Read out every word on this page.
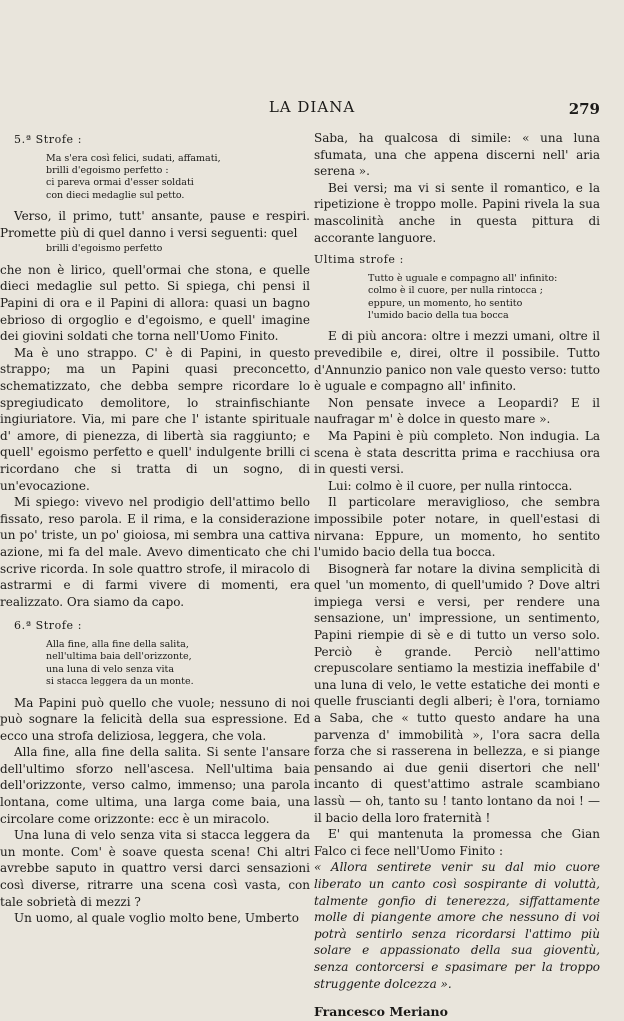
LA DIANA	279

5.ª Strofe :

Ma s'era così felici, sudati, affamati,
brilli d'egoismo perfetto :
ci pareva ormai d'esser soldati
con dieci medaglie sul petto.

Verso, il primo, tutt' ansante, pause e respiri. Promette più di quel danno i versi seguenti: quel

brilli d'egoismo perfetto

che non è lirico, quell'ormai che stona, e quelle dieci medaglie sul petto. Si spiega, chi pensi il Papini di ora e il Papini di allora: quasi un bagno ebrioso di orgoglio e d'egoismo, e quell' imagine dei giovini soldati che torna nell'Uomo Finito.

Ma è uno strappo. C' è di Papini, in questo strappo; ma un Papini quasi preconcetto, schematizzato, che debba sempre ricordare lo spregiudicato demolitore, lo strainfischiante ingiuriatore. Via, mi pare che l' istante spirituale d' amore, di pienezza, di libertà sia raggiunto; e quell' egoismo perfetto e quell' indulgente brilli ci ricordano che si tratta di un sogno, di un'evocazione.

Mi spiego: vivevo nel prodigio dell'attimo bello fissato, reso parola. E il rima, e la considerazione un po' triste, un po' gioiosa, mi sembra una cattiva azione, mi fa del male. Avevo dimenticato che chi scrive ricorda. In sole quattro strofe, il miracolo di astrarmi e di farmi vivere di momenti, era realizzato. Ora siamo da capo.

6.ª Strofe :

Alla fine, alla fine della salita,
nell'ultima baia dell'orizzonte,
una luna di velo senza vita
si stacca leggera da un monte.

Ma Papini può quello che vuole; nessuno di noi può sognare la felicità della sua espressione. Ed ecco una strofa deliziosa, leggera, che vola.

Alla fine, alla fine della salita. Si sente l'ansare dell'ultimo sforzo nell'ascesa. Nell'ultima baia dell'orizzonte, verso calmo, immenso; una parola lontana, come ultima, una larga come baia, una circolare come orizzonte: ecc è un miracolo.

Una luna di velo senza vita si stacca leggera da un monte. Com' è soave questa scena! Chi altri avrebbe saputo in quattro versi darci sensazioni così diverse, ritrarre una scena così vasta, con tale sobrietà di mezzi ?

Un uomo, al quale voglio molto bene, Umberto

Saba, ha qualcosa di simile: « una luna sfumata, una che appena discerni nell' aria serena ».

Bei versi; ma vi si sente il romantico, e la ripetizione è troppo molle. Papini rivela la sua mascolinità anche in questa pittura di accorante languore.

Ultima strofe :

Tutto è uguale e compagno all' infinito:
colmo è il cuore, per nulla rintocca ;
eppure, un momento, ho sentito
l'umido bacio della tua bocca

E di più ancora: oltre i mezzi umani, oltre il prevedibile e, direi, oltre il possibile. Tutto d'Annunzio panico non vale questo verso: tutto è uguale e compagno all' infinito.

Non pensate invece a Leopardi? E il naufragar m' è dolce in questo mare ».

Ma Papini è più completo. Non indugia. La scena è stata descritta prima e racchiusa ora in questi versi.

Lui: colmo è il cuore, per nulla rintocca.

Il particolare meraviglioso, che sembra impossibile poter notare, in quell'estasi di nirvana: Eppure, un momento, ho sentito l'umido bacio della tua bocca.

Bisognerà far notare la divina semplicità di quel 'un momento, di quell'umido ? Dove altri impiega versi e versi, per rendere una sensazione, un' impressione, un sentimento, Papini riempie di sè e di tutto un verso solo. Perciò è grande. Perciò nell'attimo crepuscolare sentiamo la mestizia ineffabile d' una luna di velo, le vette estatiche dei monti e quelle fruscianti degli alberi; è l'ora, torniamo a Saba, che « tutto questo andare ha una parvenza d' immobilità », l'ora sacra della forza che si rasserena in bellezza, e si piange pensando ai due genii disertori che nell' incanto di quest'attimo astrale scambiano lassù — oh, tanto su ! tanto lontano da noi ! — il bacio della loro fraternità !

E' qui mantenuta la promessa che Gian Falco ci fece nell'Uomo Finito :

« Allora sentirete venir su dal mio cuore liberato un canto così sospirante di voluttà, talmente gonfio di tenerezza, siffattamente molle di piangente amore che nessuno di voi potrà sentirlo senza ricordarsi l'attimo più solare e appassionato della sua gioventù, senza contorcersi e spasimare per la troppo struggente dolcezza ».

Francesco Meriano
